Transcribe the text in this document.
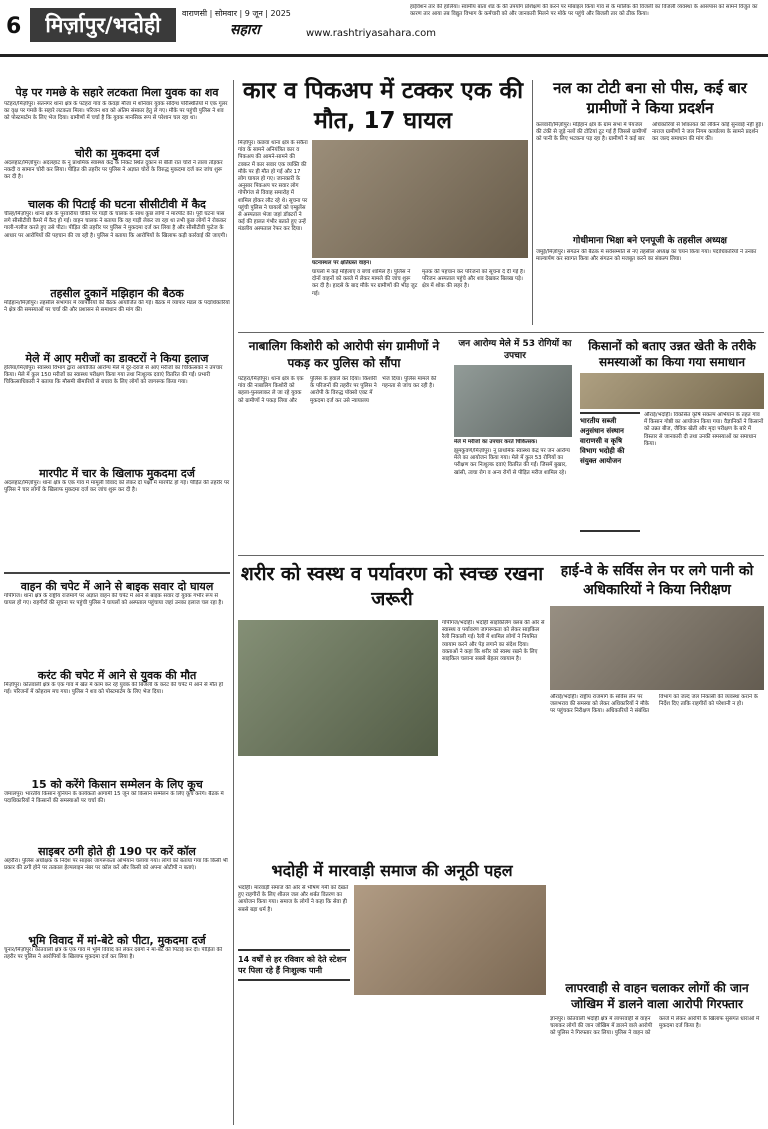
6	मिर्ज़ापुर/भदोही	वाराणसी | सोमवार | 9 जून | 2025
सहारा	www.rashtriyasahara.com
हाईवेशन तार की हालिया। स्वामीय बाता शेड के की उपयोग प्रशिक्षण की करने पर मोबाइल किया गांव से के मालिक की विजली का विजली व्यवस्था के आसपास को सामने विजुत का कारण तार आया तब विद्युत विभाग के कर्मचारी को और जानकारी मिलने पर मोके पर पहुंचे और बिजली तार को ठीक किया।
पेड़ पर गमछे के सहारे लटकता मिला युवक का शव
पटेहरा/मिर्ज़ापुर। संतनगर थाना क्षेत्र के पटेहरा गांव के केवड़ा मौजा में शनिवार युवक संदिग्ध परिस्थितियों में एक गूलर का वृक्ष पर गमछे के सहारे लटकता मिला। परिजन शव को अंतिम संस्कार हेतु ले गए। मौके पर पहुंची पुलिस ने शव को पोस्टमार्टम के लिए भेज दिया। ग्रामीणों में चर्चा है कि युवक मानसिक रूप से परेशान चल रहा था।
चोरी का मुकदमा दर्ज
अदलहाट/मिर्ज़ापुर। अदलहाट के नू प्राथमिक स्वास्थ्य केंद्र के निकट स्थित दुकान से बीती रात चोरों ने ताला तोड़कर नकदी व सामान चोरी कर लिया। पीड़ित की तहरीर पर पुलिस ने अज्ञात चोरों के विरुद्ध मुकदमा दर्ज कर जांच शुरू कर दी है।
चालक की पिटाई की घटना सीसीटीवी में कैद
चील्ह/मिर्ज़ापुर। थाना क्षेत्र के पुरवारीया चौकी पर गाड़ी के चालक के साथ कुछ लोगों ने मारपीट की। पूरी घटना पास लगे सीसीटीवी कैमरे में कैद हो गई। वाहन चालक ने बताया कि वह गाड़ी लेकर जा रहा था तभी कुछ लोगों ने रोककर गाली-गलौज करते हुए उसे पीटा। पीड़ित की तहरीर पर पुलिस ने मुकदमा दर्ज कर लिया है और सीसीटीवी फुटेज के आधार पर आरोपियों की पहचान की जा रही है। पुलिस ने बताया कि आरोपियों के खिलाफ कड़ी कार्रवाई की जाएगी।
तहसील दुकानें मझिहान की बैठक
मड़िहान/मिर्ज़ापुर। तहसील सभागार में व्यापारियों की बैठक आयोजित की गई। बैठक में व्यापार मंडल के पदाधिकारियों ने क्षेत्र की समस्याओं पर चर्चा की और प्रशासन से समाधान की मांग की।
मेले में आए मरीजों का डाक्टरों ने किया इलाज
हलिया/मिर्ज़ापुर। स्वास्थ्य विभाग द्वारा आयोजित आरोग्य मेले में दूर-दराज से आए मरीजों का चिकित्सकों ने उपचार किया। मेले में कुल 150 मरीजों का स्वास्थ्य परीक्षण किया गया तथा निःशुल्क दवाएं वितरित की गईं। प्रभारी चिकित्साधिकारी ने बताया कि मौसमी बीमारियों से बचाव के लिए लोगों को जागरूक किया गया।
मारपीट में चार के खिलाफ मुकदमा दर्ज
अदलहाट/मिर्ज़ापुर। थाना क्षेत्र के एक गांव में मामूली विवाद को लेकर दो पक्षों में मारपीट हो गई। पीड़ित की तहरीर पर पुलिस ने चार लोगों के खिलाफ मुकदमा दर्ज कर जांच शुरू कर दी है।
वाहन की चपेट में आने से बाइक सवार दो घायल
गोपीगंज। थाना क्षेत्र के राष्ट्रीय राजमार्ग पर अज्ञात वाहन की चपेट में आने से बाइक सवार दो युवक गंभीर रूप से घायल हो गए। राहगीरों की सूचना पर पहुंची पुलिस ने घायलों को अस्पताल पहुंचाया जहां उनका इलाज चल रहा है।
करंट की चपेट में आने से युवक की मौत
मिर्ज़ापुर। कोतवाली क्षेत्र के एक गांव में खेत में काम कर रहे युवक की बिजली के करंट की चपेट में आने से मौत हो गई। परिजनों में कोहराम मच गया। पुलिस ने शव को पोस्टमार्टम के लिए भेज दिया।
15 को करेंगे किसान सम्मेलन के लिए कूच
जमालपुर। भारतीय किसान यूनियन के कार्यकर्ता आगामी 15 जून को किसान सम्मेलन के लिए कूच करेंगे। बैठक में पदाधिकारियों ने किसानों की समस्याओं पर चर्चा की।
साइबर ठगी होते ही 190 पर करें कॉल
अहरौरा। पुलिस अधीक्षक के निर्देश पर साइबर जागरूकता अभियान चलाया गया। लोगों को बताया गया कि किसी भी प्रकार की ठगी होने पर तत्काल हेल्पलाइन नंबर पर कॉल करें और किसी को अपना ओटीपी न बताएं।
भूमि विवाद में मां-बेटे को पीटा, मुकदमा दर्ज
चुनार/मिर्ज़ापुर। कोतवाली क्षेत्र के एक गांव में भूमि विवाद को लेकर दबंगों ने मां-बेटे की पिटाई कर दी। पीड़िता की तहरीर पर पुलिस ने आरोपियों के खिलाफ मुकदमा दर्ज कर लिया है।
कार व पिकअप में टक्कर एक की मौत, 17 घायल
मिर्ज़ापुर। कछवां थाना क्षेत्र के सकैरा गांव के सामने अनियंत्रित कार व पिकअप की आमने-सामने की टक्कर में कार सवार एक व्यक्ति की मौके पर ही मौत हो गई और 17 लोग घायल हो गए। जानकारी के अनुसार पिकअप पर सवार लोग गोपीगंज से विवाह समारोह में शामिल होकर लौट रहे थे। सूचना पर पहुंची पुलिस ने घायलों को एम्बुलेंस से अस्पताल भेजा जहां डॉक्टरों ने कई की हालत गंभीर बताते हुए उन्हें मंडलीय अस्पताल रेफर कर दिया।
घटनास्थल पर क्षतिग्रस्त वाहन।
घायलों में कई महिलाएं व बच्चे शामिल हैं। पुलिस ने दोनों वाहनों को कब्जे में लेकर मामले की जांच शुरू कर दी है। हादसे के बाद मौके पर ग्रामीणों की भीड़ जुट गई।
मृतक की पहचान कर परिजनों को सूचना दे दी गई है। परिजन अस्पताल पहुंचे और शव देखकर बिलख पड़े। क्षेत्र में शोक की लहर है।
नल का टोटी बना सो पीस, कई बार ग्रामीणों ने किया प्रदर्शन
कलवारी/मिर्ज़ापुर। मड़िहान क्षेत्र के ग्राम सभा में पेयजल की टंकी से जुड़े नलों की टोटियां टूट गई हैं जिससे ग्रामीणों को पानी के लिए भटकना पड़ रहा है। ग्रामीणों ने कई बार अधिकारियों से शिकायत की लेकिन कोई सुनवाई नहीं हुई। नाराज ग्रामीणों ने जल निगम कार्यालय के सामने प्रदर्शन कर जल्द समाधान की मांग की।
गोधीमाना भिक्षा बने एनपूजी के तहसील अध्यक्ष
जमुई/मिर्ज़ापुर। संगठन की बैठक में सर्वसम्मति से नए तहसील अध्यक्ष का चयन किया गया। पदाधिकारियों ने उनका माल्यार्पण कर स्वागत किया और संगठन को मजबूत करने का संकल्प लिया।
नाबालिग किशोरी को आरोपी संग ग्रामीणों ने पकड़ कर पुलिस को सौंपा
पटेहरा/मिर्ज़ापुर। थाना क्षेत्र के एक गांव की नाबालिग किशोरी को बहला-फुसलाकर ले जा रहे युवक को ग्रामीणों ने पकड़ लिया और पुलिस के हवाले कर दिया। किशोरी के परिजनों की तहरीर पर पुलिस ने आरोपी के विरुद्ध पॉक्सो एक्ट में मुकदमा दर्ज कर उसे न्यायालय भेज दिया। पुलिस मामले की गहनता से जांच कर रही है।
जन आरोग्य मेले में 53 रोगियों का उपचार
मेले में मरीजों का उपचार करते चिकित्सक।
झूमकुवर्ण/मिर्ज़ापुर। नू प्राथमिक स्वास्थ्य केंद्र पर जन आरोग्य मेले का आयोजन किया गया। मेले में कुल 53 रोगियों का परीक्षण कर निःशुल्क दवाएं वितरित की गईं। जिसमें बुखार, खांसी, त्वचा रोग व अन्य रोगों से पीड़ित मरीज शामिल रहे।
किसानों को बताए उन्नत खेती के तरीके समस्याओं का किया गया समाधान
भारतीय सब्जी अनुसंधान संस्थान वाराणसी व कृषि विभाग भदोही की संयुक्त आयोजन
औराई/भदोही। विकसित कृषि संकल्प अभियान के तहत गांव में किसान गोष्ठी का आयोजन किया गया। वैज्ञानिकों ने किसानों को उन्नत बीज, जैविक खेती और मृदा परीक्षण के बारे में विस्तार से जानकारी दी तथा उनकी समस्याओं का समाधान किया।
शरीर को स्वस्थ व पर्यावरण को स्वच्छ रखना जरूरी
गोपीगंज/भदोही। भदोही साइकिलिंग क्लब की ओर से स्वास्थ्य व पर्यावरण जागरूकता को लेकर साइकिल रैली निकाली गई। रैली में शामिल लोगों ने नियमित व्यायाम करने और पेड़ लगाने का संदेश दिया। वक्ताओं ने कहा कि शरीर को स्वस्थ रखने के लिए साइकिल चलाना सबसे बेहतर व्यायाम है।
हाई-वे के सर्विस लेन पर लगे पानी को अधिकारियों ने किया निरीक्षण
औराई/भदोही। राष्ट्रीय राजमार्ग के सर्विस लेन पर जलभराव की समस्या को लेकर अधिकारियों ने मौके पर पहुंचकर निरीक्षण किया। अधिकारियों ने संबंधित विभाग को जल्द जल निकासी की व्यवस्था कराने के निर्देश दिए ताकि राहगीरों को परेशानी न हो।
भदोही में मारवाड़ी समाज की अनूठी पहल
भदोही। मारवाड़ी समाज की ओर से भीषण गर्मी को देखते हुए राहगीरों के लिए शीतल जल और शर्बत वितरण का आयोजन किया गया। समाज के लोगों ने कहा कि सेवा ही सबसे बड़ा धर्म है।
14 वर्षों से हर रविवार को देते स्टेशन पर पिला रहे हैं निःशुल्क पानी
लापरवाही से वाहन चलाकर लोगों की जान जोखिम में डालने वाला आरोपी गिरफ्तार
ज्ञानपुर। कोतवाली भदोही क्षेत्र में लापरवाही से वाहन चलाकर लोगों की जान जोखिम में डालने वाले आरोपी को पुलिस ने गिरफ्तार कर लिया। पुलिस ने वाहन को कब्जे में लेकर आरोपी के खिलाफ सुसंगत धाराओं में मुकदमा दर्ज किया है।
